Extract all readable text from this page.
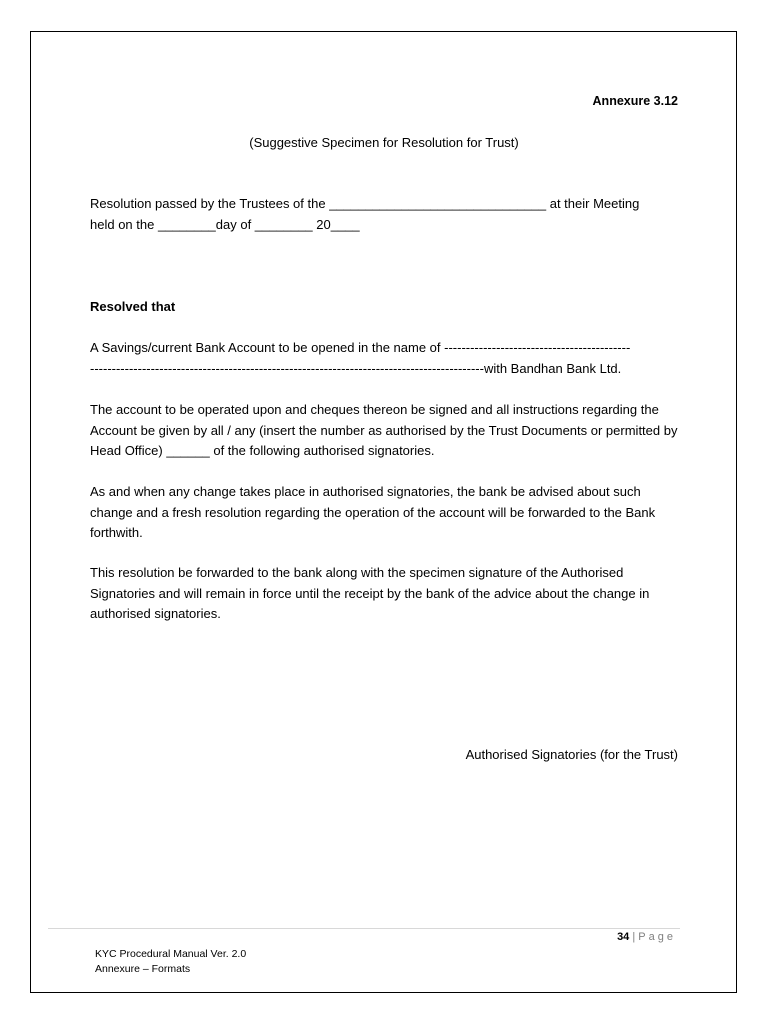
Annexure 3.12
(Suggestive Specimen for Resolution for Trust)
Resolution passed by the Trustees of the ______________________________ at their Meeting
held on the ________day of ________ 20____
Resolved that
A Savings/current Bank Account to be opened in the name of -------------------------------------------
-------------------------------------------------------------------------------------------with Bandhan Bank Ltd.
The account to be operated upon and cheques thereon be signed and all instructions regarding the Account be given by all / any (insert the number as authorised by the Trust Documents or permitted by Head Office) ______ of the following authorised signatories.
As and when any change takes place in authorised signatories, the bank be advised about such change and a fresh resolution regarding the operation of the account will be forwarded to the Bank forthwith.
This resolution be forwarded to the bank along with the specimen signature of the Authorised Signatories and will remain in force until the receipt by the bank of the advice about the change in authorised signatories.
Authorised Signatories (for the Trust)
34 | Page
KYC Procedural Manual Ver. 2.0
Annexure – Formats
